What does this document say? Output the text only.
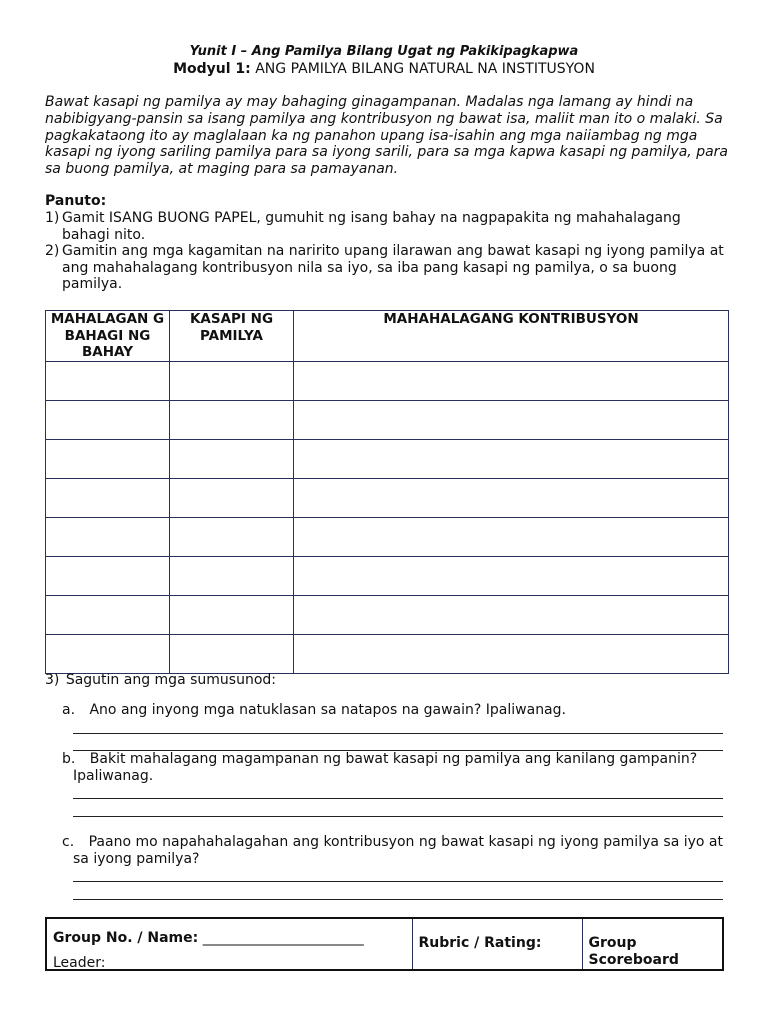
Yunit I – Ang Pamilya Bilang Ugat ng Pakikipagkapwa
Modyul 1: ANG PAMILYA BILANG NATURAL NA INSTITUSYON
Bawat kasapi ng pamilya ay may bahaging ginagampanan. Madalas nga lamang ay hindi na nabibigyang-pansin sa isang pamilya ang kontribusyon ng bawat isa, maliit man ito o malaki. Sa pagkakataong ito ay maglalaan ka ng panahon upang isa-isahin ang mga naiiambag ng mga kasapi ng iyong sariling pamilya para sa iyong sarili, para sa mga kapwa kasapi ng pamilya, para sa buong pamilya, at maging para sa pamayanan.
Panuto:
1) Gamit ISANG BUONG PAPEL, gumuhit ng isang bahay na nagpapakita ng mahahalagang bahagi nito.
2) Gamitin ang mga kagamitan na naririto upang ilarawan ang bawat kasapi ng iyong pamilya at ang mahahalagang kontribusyon nila sa iyo, sa iba pang kasapi ng pamilya, o sa buong pamilya.
MAHALAGAN G BAHAGI NG BAHAY	KASAPI NG PAMILYA	MAHAHALAGANG KONTRIBUSYON

3) Sagutin ang mga sumusunod:
a. Ano ang inyong mga natuklasan sa natapos na gawain? Ipaliwanag.
b. Bakit mahalagang magampanan ng bawat kasapi ng pamilya ang kanilang gampanin?
Ipaliwanag.
c. Paano mo napahahalagahan ang kontribusyon ng bawat kasapi ng iyong pamilya sa iyo at
sa iyong pamilya?
Group No. / Name: _______________________
Leader:	_______________________________

Rubric / Rating:	Group
Scoreboard
